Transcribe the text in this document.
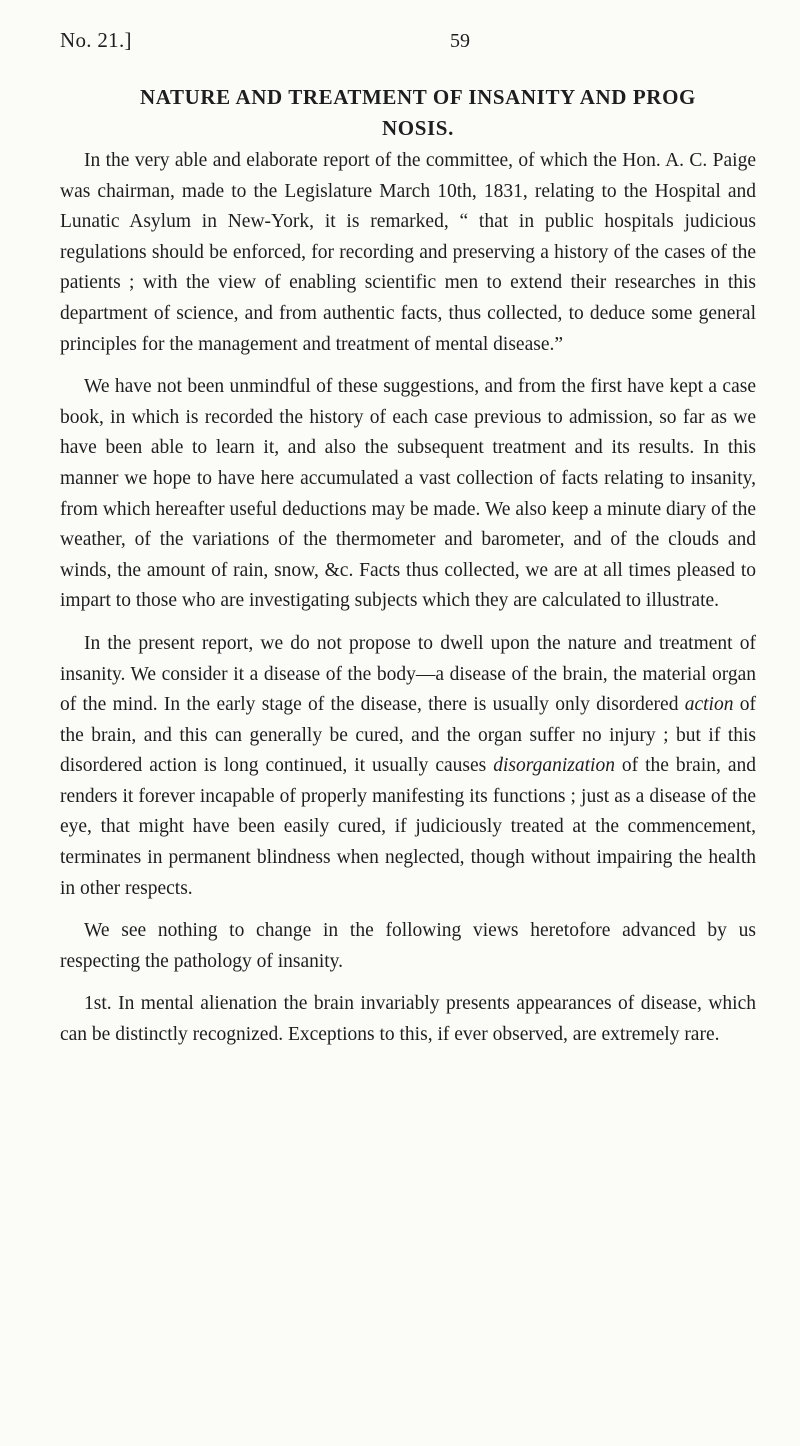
No. 21.]	59
NATURE AND TREATMENT OF INSANITY AND PROG NOSIS.

In the very able and elaborate report of the committee, of which the Hon. A. C. Paige was chairman, made to the Legislature March 10th, 1831, relating to the Hospital and Lunatic Asylum in New-York, it is remarked, “ that in public hospitals judicious regulations should be enforced, for recording and preserving a history of the cases of the patients ; with the view of enabling scientific men to extend their researches in this department of science, and from authentic facts, thus collected, to deduce some general principles for the management and treatment of mental disease.”

We have not been unmindful of these suggestions, and from the first have kept a case book, in which is recorded the history of each case previous to admission, so far as we have been able to learn it, and also the subsequent treatment and its results. In this manner we hope to have here accumulated a vast collection of facts relating to insanity, from which hereafter useful deductions may be made. We also keep a minute diary of the weather, of the variations of the thermometer and barometer, and of the clouds and winds, the amount of rain, snow, &c. Facts thus collected, we are at all times pleased to impart to those who are investigating subjects which they are calculated to illustrate.

In the present report, we do not propose to dwell upon the nature and treatment of insanity. We consider it a disease of the body—a disease of the brain, the material organ of the mind. In the early stage of the disease, there is usually only disordered action of the brain, and this can generally be cured, and the organ suffer no injury ; but if this disordered action is long continued, it usually causes disorganization of the brain, and renders it forever incapable of properly manifesting its functions ; just as a disease of the eye, that might have been easily cured, if judiciously treated at the commencement, terminates in permanent blindness when neglected, though without impairing the health in other respects.

We see nothing to change in the following views heretofore advanced by us respecting the pathology of insanity.

1st. In mental alienation the brain invariably presents appearances of disease, which can be distinctly recognized. Exceptions to this, if ever observed, are extremely rare.
